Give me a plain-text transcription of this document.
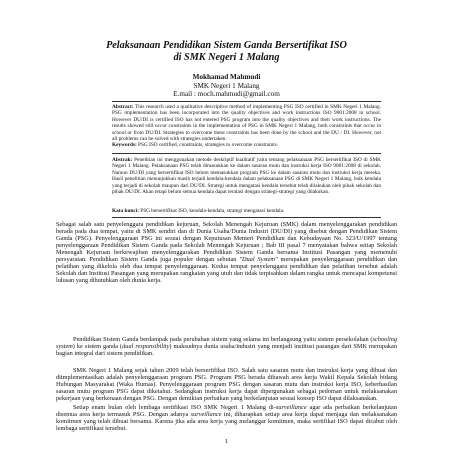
Pelaksanaan Pendidikan Sistem Ganda Bersertifikat ISO
di SMK Negeri 1 Malang
Mokhamad Mahmudi
SMK Negeri 1 Malang
E.mail : moch.mahmudi@gmail.com

Abstract: This research used a qualitative descriptive method of implementing PSG ISO certified in SMK Negeri 1 Malang. PSG implementation has been incorporated into the quality objectives and work instructions ISO 9001:2008 in school. However DU/DI is certified ISO has not entered PSG program into the quality objectives and their work instructions. The results showed still occur constraints in the implementation of PSG in SMK Negeri 1 Malang, both constraints that occur in school or from DU/DI. Strategies to overcome these constraints has been done by the school and the DU / DI. However, not all problems can be solved with strategies undertaken.

Keywords: PSG ISO certified, constraints, strategies to overcome constraints.

Abstrak: Penelitian ini menggunakan metode deskriptif kualitatif yaitu tentang pelaksanaan PSG bersertifikat ISO di SMK Negeri 1 Malang. Pelaksanaan PSG telah dimasukkan ke dalam sasaran mutu dan instruksi kerja ISO 9001:2008 di sekolah. Namun DU/DI yang bersertifikat ISO belum memasukkan program PSG ke dalam sasaran mutu dan instruksi kerja mereka. Hasil penelitian menunjukkan masih terjadi kendala-kendala dalam pelaksanaan PSG di SMK Negeri 1 Malang, baik kendala yang terjadi di sekolah maupun dari DU/DI. Strategi untuk mengatasi kendala tersebut telah dilakukan oleh pihak sekolah dan pihak DU/DI. Akan tetapi belum semua kendala dapat teratasi dengan strategi-strategi yang dilakukan.

Kata kunci: PSG bersertifikat ISO, kendala-kendala, strategi mengatasi kendala.

Sebagai salah satu penyelenggara pendidikan kejuruan, Sekolah Menengah Kejuruan (SMK) dalam menyelenggarakan pendidikan berada pada dua tempat, yaitu di SMK sendiri dan di Dunia Usaha/Dunia Industri (DU/DI) yang disebut dengan Pendidikan Sistem Ganda (PSG). Penyelenggaraan PSG ini sesuai dengan Keputusan Menteri Pendidikan dan Kebudayaan No. 323/U/1997 tentang penyelenggaraan Pendidikan Sistem Ganda pada Sekolah Menengah Kejuruan ; Bab III pasal 7 menyatakan bahwa setiap Sekolah Menengah Kejuruan berkewajiban menyelenggarakan Pendidikan Sistem Ganda bersama Institusi Pasangan yang memenuhi persyaratan. Pendidikan Sistem Ganda juga populer dengan sebutan "Dual System" merupakan penyelenggaraan pendidikan dan pelatihan yang dikelola oleh dua tempat penyelenggaraan. Kedua tempat penyelenggara pendidikan dan pelatihan tersebut adalah Sekolah dan Institusi Pasangan yang merupakan rangkaian yang utuh dan tidak terpisahkan dalam rangka untuk mencapai kompetensi lulusan yang dibutuhkan oleh dunia kerja.

Pendidikan Sistem Ganda berdampak pada perubahan sistem yang selama ini berlangsung yaitu sistem persekolahan (schooling system) ke sistem ganda (dual responsibility) maksudnya dunia usaha/industri yang menjadi institusi pasangan dari SMK merupakan bagian integral dari sistem pendidikan.

SMK Negeri 1 Malang sejak tahun 2009 telah bersertifikat ISO. Salah satu sasaran mutu dan instruksi kerja yang dibuat dan diimplementasikan adalah penyelenggaraan program PSG. Program PSG berada dibawah area kerja Wakil Kepala Sekolah bidang Hubungan Masyarakat (Waka Humas). Penyelenggaraan program PSG dengan sasaran mutu dan instruksi kerja ISO, keberhasilan sasaran mutu program PSG dapat diketahui. Sedangkan instruksi kerja dapat dipergunakan sebagai pedoman untuk melaksanakan pekerjaan yang berkenaan dengan PSG. Dengan demikian perbaikan yang berkelanjutan sesuai konsep ISO dapat dilaksanakan.

Setiap enam bulan oleh lembaga sertifikasi ISO SMK Negeri 1 Malang di-surveillance agar ada perbaikan berkelanjutan disemua area kerja termasuk PSG. Dengan adanya surveillance ini, diharapkan setiap area kerja dapat menjaga dan melaksanakan komitmen yang telah dibuat bersama. Karena jika ada area kerja yang melanggar komitmen, maka sertifikat ISO dapat dicabut oleh lembaga sertifikasi tersebut.

1
